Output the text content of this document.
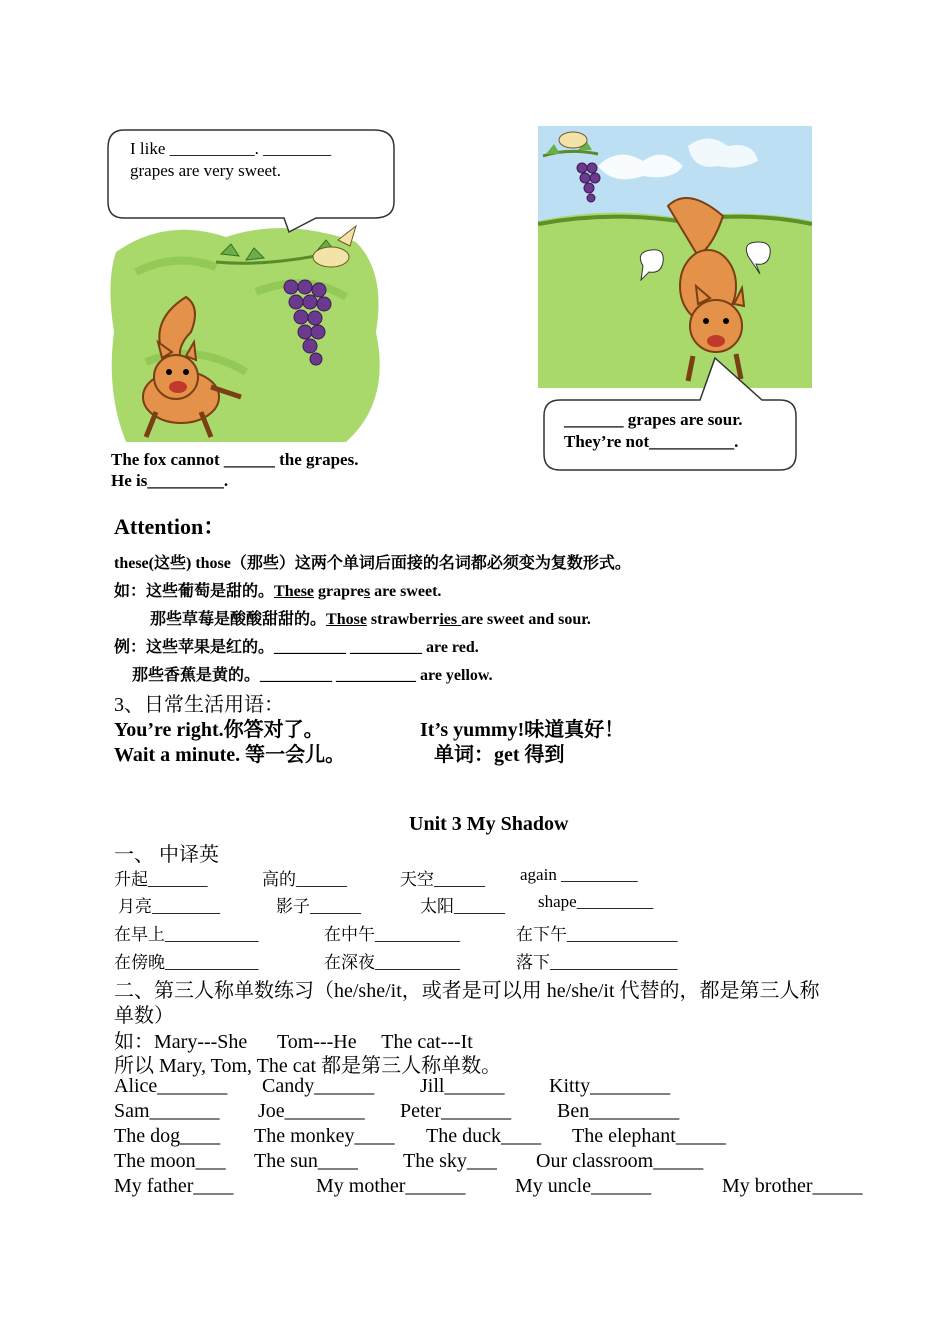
I like __________. ________
grapes are very sweet.
The fox cannot ______ the grapes.
He is_________.
_______ grapes are sour.
They’re not__________.
Attention：
these(这些) those（那些）这两个单词后面接的名词都必须变为复数形式。
如：这些葡萄是甜的。These grapres are sweet.
那些草莓是酸酸甜甜的。Those strawberries are sweet and sour.
例：这些苹果是红的。_________ _________ are red.
那些香蕉是黄的。_________ __________ are yellow.
3、日常生活用语：
You’re right.你答对了。	It’s yummy!味道真好！
Wait a minute. 等一会儿。	单词：get 得到
Unit 3 My Shadow
一、 中译英
升起_______	高的______	天空______ again _________
月亮________	影子______	太阳______ shape_________
在早上___________	在中午__________	在下午_____________
在傍晚___________	在深夜__________	落下_______________
二、第三人称单数练习（he/she/it，或者是可以用 he/she/it 代替的，都是第三人称
单数）
如：Mary---She      Tom---He     The cat---It
所以 Mary, Tom, The cat 都是第三人称单数。
Alice_______ Candy______ Jill______ Kitty________
Sam_______ Joe________ Peter_______ Ben_________
The dog____ The monkey____ The duck____ The elephant_____
The moon___ The sun____ The sky___ Our classroom_____
My father____	My mother______ My uncle______	My brother_____
